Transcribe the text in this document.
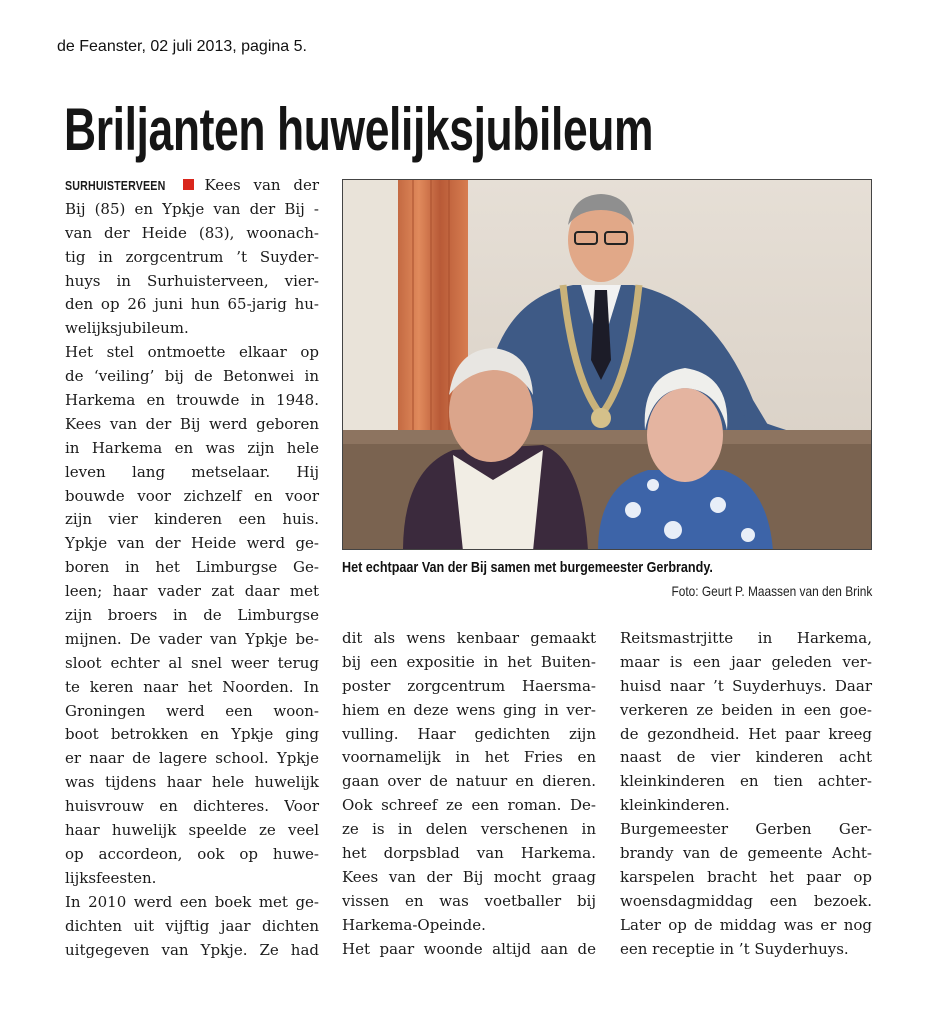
de Feanster, 02 juli 2013, pagina 5.
Briljanten huwelijksjubileum
SURHUISTERVEEN	Kees van der
Bij (85) en Ypkje van der Bij -
van der Heide (83), woonach-
tig in zorgcentrum ’t Suyder-
huys in Surhuisterveen, vier-
den op 26 juni hun 65-jarig hu-
welijksjubileum.
Het stel ontmoette elkaar op
de ‘veiling’ bij de Betonwei in
Harkema en trouwde in 1948.
Kees van der Bij werd geboren
in Harkema en was zijn hele
leven lang metselaar. Hij
bouwde voor zichzelf en voor
zijn vier kinderen een huis.
Ypkje van der Heide werd ge-
boren in het Limburgse Ge-
leen; haar vader zat daar met
zijn broers in de Limburgse
mijnen. De vader van Ypkje be-
sloot echter al snel weer terug
te keren naar het Noorden. In
Groningen werd een woon-
boot betrokken en Ypkje ging
er naar de lagere school. Ypkje
was tijdens haar hele huwelijk
huisvrouw en dichteres. Voor
haar huwelijk speelde ze veel
op accordeon, ook op huwe-
lijksfeesten.
In 2010 werd een boek met ge-
dichten uit vijftig jaar dichten
uitgegeven van Ypkje. Ze had
dit als wens kenbaar gemaakt
bij een expositie in het Buiten-
poster zorgcentrum Haersma-
hiem en deze wens ging in ver-
vulling. Haar gedichten zijn
voornamelijk in het Fries en
gaan over de natuur en dieren.
Ook schreef ze een roman. De-
ze is in delen verschenen in
het dorpsblad van Harkema.
Kees van der Bij mocht graag
vissen en was voetballer bij
Harkema-Opeinde.
Het paar woonde altijd aan de
Reitsmastrjitte in Harkema,
maar is een jaar geleden ver-
huisd naar ’t Suyderhuys. Daar
verkeren ze beiden in een goe-
de gezondheid. Het paar kreeg
naast de vier kinderen acht
kleinkinderen en tien achter-
kleinkinderen.
Burgemeester Gerben Ger-
brandy van de gemeente Acht-
karspelen bracht het paar op
woensdagmiddag een bezoek.
Later op de middag was er nog
een receptie in ’t Suyderhuys.
Het echtpaar Van der Bij samen met burgemeester Gerbrandy.
Foto: Geurt P. Maassen van den Brink
